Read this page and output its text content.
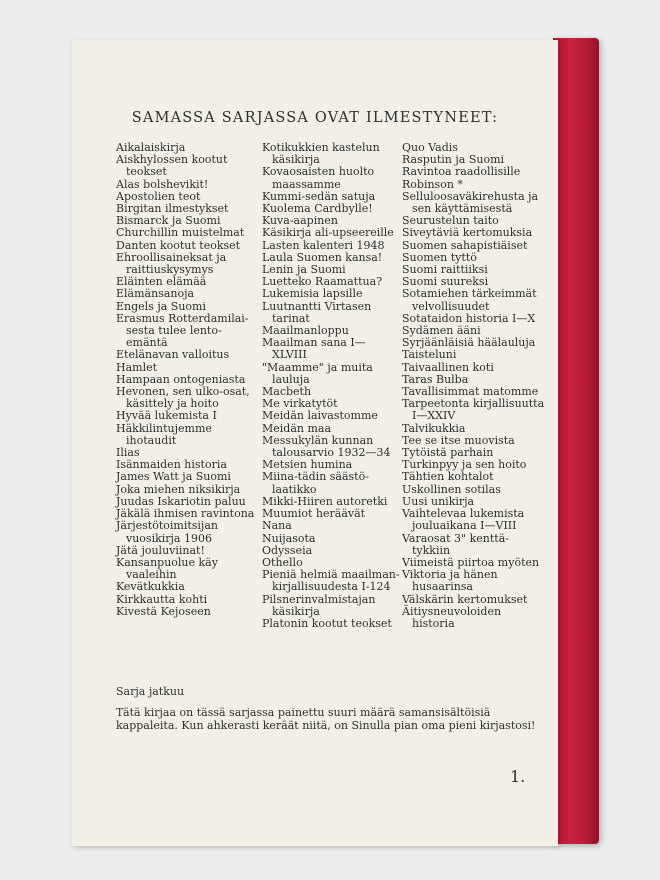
SAMASSA SARJASSA OVAT ILMESTYNEET:
Aikalaiskirja
Aiskhylossen kootut

teokset
Alas bolshevikit!
Apostolien teot
Birgitan ilmestykset
Bismarck ja Suomi
Churchillin muistelmat
Danten kootut teokset
Ehroollisaineksat ja

raittiuskysymys
Eläinten elämää
Elämänsanoja
Engels ja Suomi
Erasmus Rotterdamilai-

sesta tulee lento-
emäntä
Etelänavan valloitus
Hamlet
Hampaan ontogeniasta
Hevonen, sen ulko-osat,

käsittely ja hoito
Hyvää lukemista I
Häkkilintujemme

ihotaudit
Ilias
Isänmaiden historia
James Watt ja Suomi
Joka miehen niksikirja
Juudas Iskariotin paluu
Jäkälä ihmisen ravintona
Järjestötoimitsijan

vuosikirja 1906
Jätä jouluviinat!
Kansanpuolue käy

vaaleihin
Kevätkukkia
Kirkkautta kohti
Kivestä Kejoseen
Kotikukkien kastelun

käsikirja
Kovaosaisten huolto

maassamme
Kummi-sedän satuja
Kuolema Cardbylle!
Kuva-aapinen
Käsikirja ali-upseereille
Lasten kalenteri 1948
Laula Suomen kansa!
Lenin ja Suomi
Luetteko Raamattua?
Lukemisia lapsille
Luutnantti Virtasen

tarinat
Maailmanloppu
Maailman sana I—

XLVIII
"Maamme" ja muita

lauluja
Macbeth
Me virkatytöt
Meidän laivastomme
Meidän maa
Messukylän kunnan

talousarvio 1932—34
Metsien humina
Miina-tädin säästö-

laatikko
Mikki-Hiiren autoretki
Muumiot heräävät
Nana
Nuijasota
Odysseia
Othello
Pieniä helmiä maailman-

kirjallisuudesta I-124
Pilsnerinvalmistajan

käsikirja
Platonin kootut teokset
Quo Vadis
Rasputin ja Suomi
Ravintoa raadollisille
Robinson *
Selluloosaväkirehusta ja

sen käyttämisestä
Seurustelun taito
Siveytäviä kertomuksia
Suomen sahapistiäiset
Suomen tyttö
Suomi raittiiksi
Suomi suureksi
Sotamiehen tärkeimmät

velvollisuudet
Sotataidon historia I—X
Sydämen ääni
Syrjäänläisiä häälauluja
Taisteluni
Taivaallinen koti
Taras Bulba
Tavallisimmat matomme
Tarpeetonta kirjallisuutta

I—XXIV
Talvikukkia
Tee se itse muovista
Tytöistä parhain
Turkinpyy ja sen hoito
Tähtien kohtalot
Uskollinen sotilas
Uusi unikirja
Vaihtelevaa lukemista

jouluaikana I—VIII
Varaosat 3" kenttä-

tykkiin
Viimeistä piirtoa myöten
Viktoria ja hänen

husaarinsa
Välskärin kertomukset
Äitiysneuvoloiden

historia
Sarja jatkuu
Tätä kirjaa on tässä sarjassa painettu suuri määrä samansisältöisiä kappaleita. Kun ahkerasti keräät niitä, on Sinulla pian oma pieni kirjastosi!
1.
